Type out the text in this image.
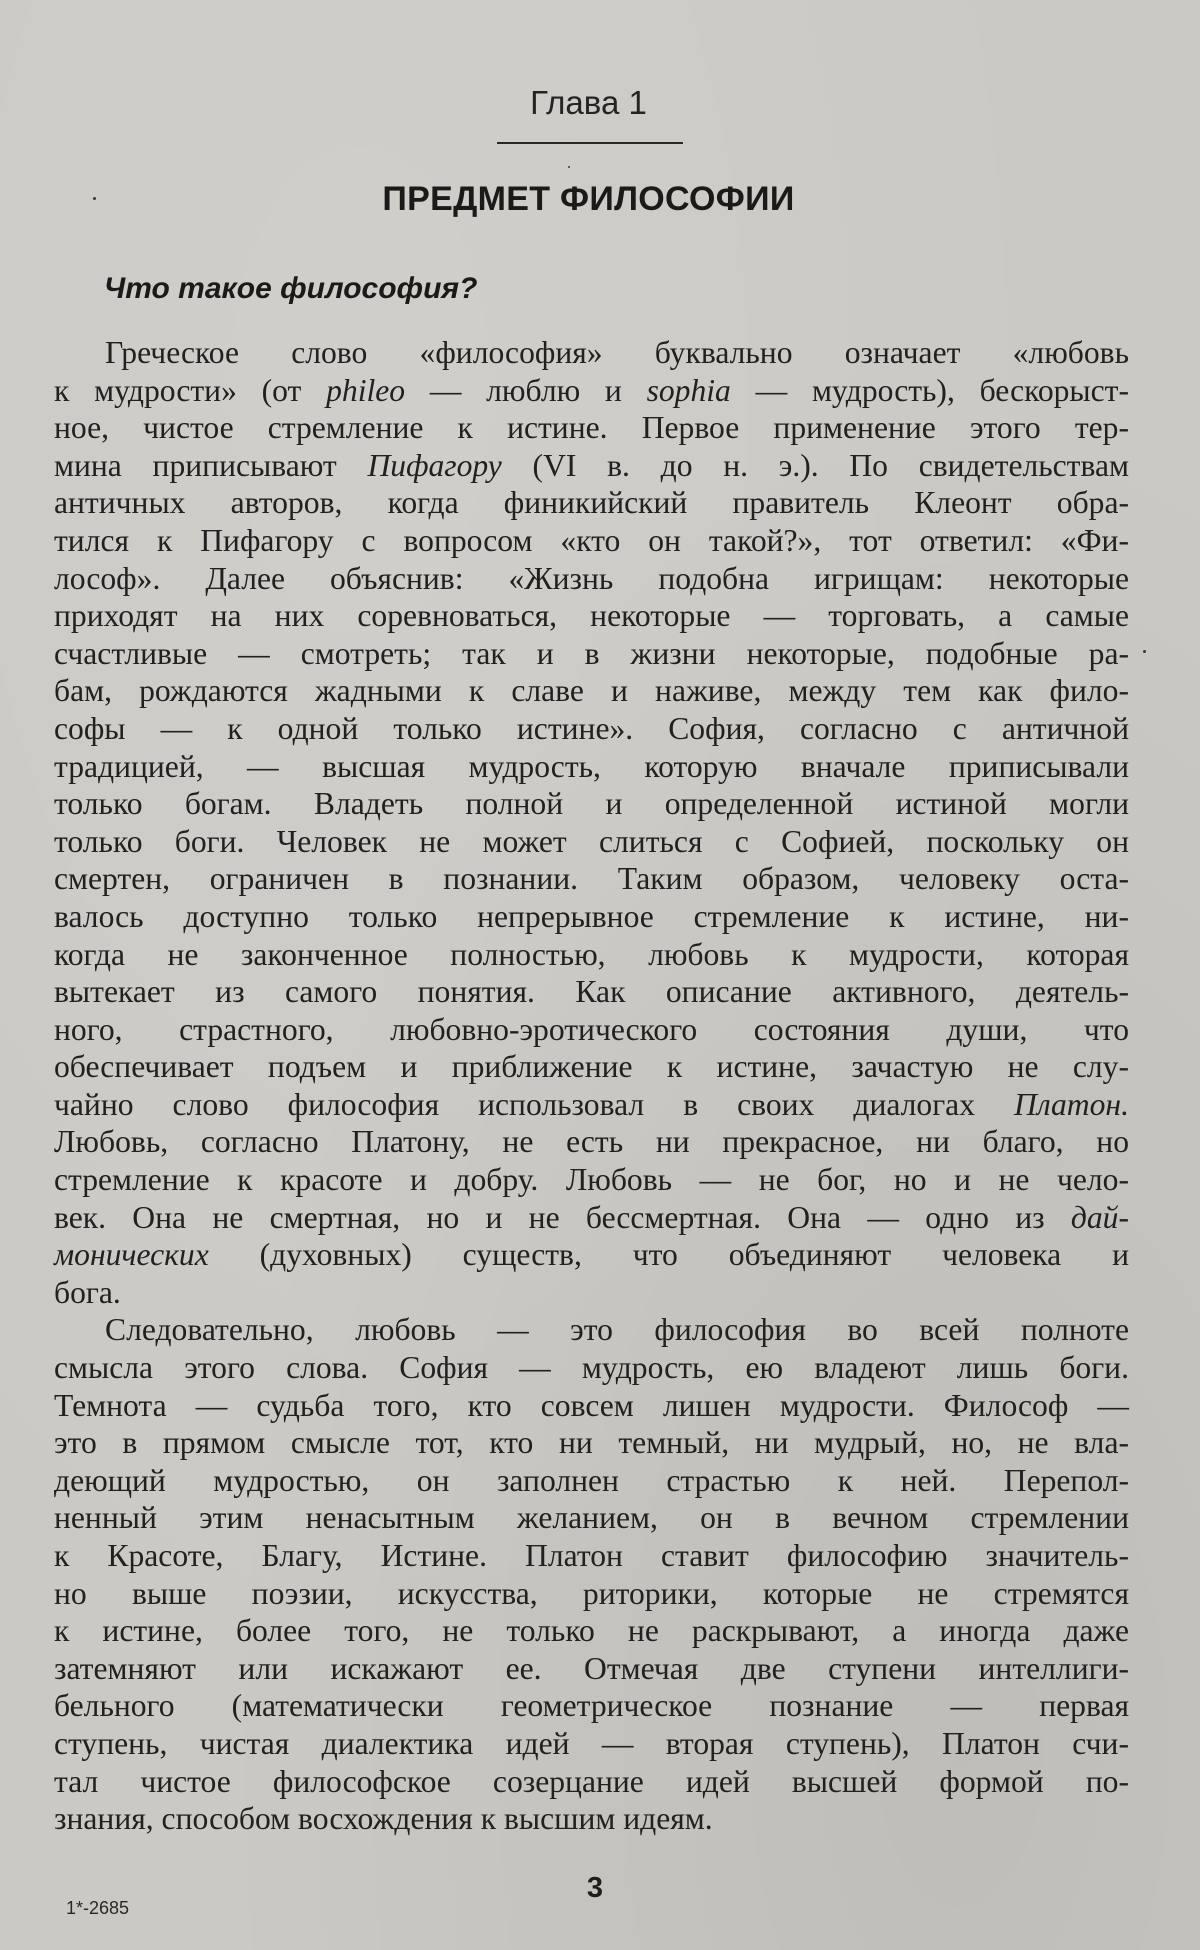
Глава 1
ПРЕДМЕТ ФИЛОСОФИИ
Что такое философия?
Греческое слово «философия» буквально означает «любовь
к мудрости» (от phileo — люблю и sophia — мудрость), бескорыст-
ное, чистое стремление к истине. Первое применение этого тер-
мина приписывают Пифагору (VI в. до н. э.). По свидетельствам
античных авторов, когда финикийский правитель Клеонт обра-
тился к Пифагору с вопросом «кто он такой?», тот ответил: «Фи-
лософ». Далее объяснив: «Жизнь подобна игрищам: некоторые
приходят на них соревноваться, некоторые — торговать, а самые
счастливые — смотреть; так и в жизни некоторые, подобные ра-
бам, рождаются жадными к славе и наживе, между тем как фило-
софы — к одной только истине». София, согласно с античной
традицией, — высшая мудрость, которую вначале приписывали
только богам. Владеть полной и определенной истиной могли
только боги. Человек не может слиться с Софией, поскольку он
смертен, ограничен в познании. Таким образом, человеку оста-
валось доступно только непрерывное стремление к истине, ни-
когда не законченное полностью, любовь к мудрости, которая
вытекает из самого понятия. Как описание активного, деятель-
ного, страстного, любовно-эротического состояния души, что
обеспечивает подъем и приближение к истине, зачастую не слу-
чайно слово философия использовал в своих диалогах Платон.
Любовь, согласно Платону, не есть ни прекрасное, ни благо, но
стремление к красоте и добру. Любовь — не бог, но и не чело-
век. Она не смертная, но и не бессмертная. Она — одно из дай-
монических (духовных) существ, что объединяют человека и
бога.
Следовательно, любовь — это философия во всей полноте
смысла этого слова. София — мудрость, ею владеют лишь боги.
Темнота — судьба того, кто совсем лишен мудрости. Философ —
это в прямом смысле тот, кто ни темный, ни мудрый, но, не вла-
деющий мудростью, он заполнен страстью к ней. Перепол-
ненный этим ненасытным желанием, он в вечном стремлении
к Красоте, Благу, Истине. Платон ставит философию значитель-
но выше поэзии, искусства, риторики, которые не стремятся
к истине, более того, не только не раскрывают, а иногда даже
затемняют или искажают ее. Отмечая две ступени интеллиги-
бельного (математически геометрическое познание — первая
ступень, чистая диалектика идей — вторая ступень), Платон счи-
тал чистое философское созерцание идей высшей формой по-
знания, способом восхождения к высшим идеям.
3
1*-2685
